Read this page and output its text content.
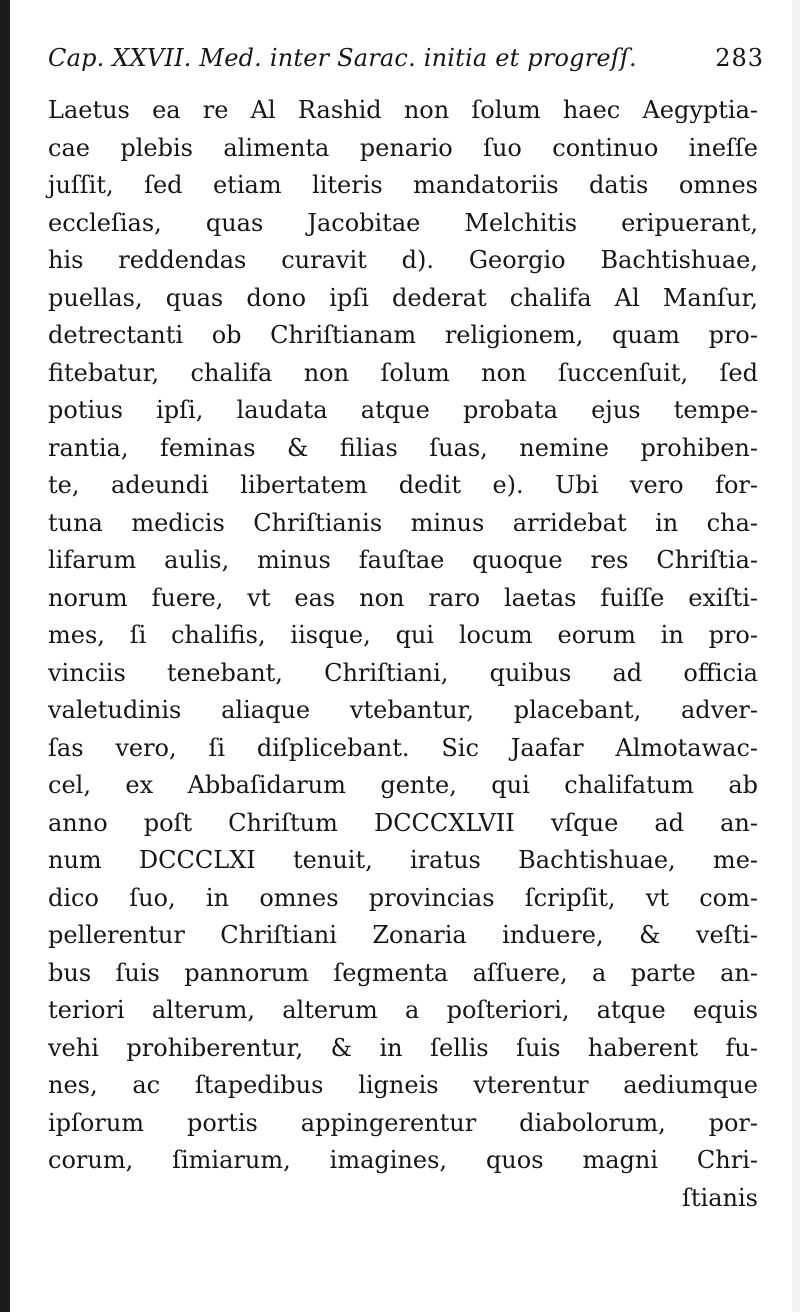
Cap. XXVII. Med. inter Sarac. initia et progreſſ.	283
Laetus ea re Al Rashid non ſolum haec Aegyptia-
cae plebis alimenta penario ſuo continuo ineſſe
juſſit, ſed etiam literis mandatoriis datis omnes
eccleſias, quas Jacobitae Melchitis eripuerant,
his reddendas curavit d). Georgio Bachtishuae,
puellas, quas dono ipſi dederat chalifa Al Manſur,
detrectanti ob Chriſtianam religionem, quam pro-
fitebatur, chalifa non ſolum non ſuccenſuit, ſed
potius ipſi, laudata atque probata ejus tempe-
rantia, feminas & filias ſuas, nemine prohiben-
te, adeundi libertatem dedit e). Ubi vero for-
tuna medicis Chriſtianis minus arridebat in cha-
lifarum aulis, minus fauſtae quoque res Chriſtia-
norum fuere, vt eas non raro laetas fuiſſe exiſti-
mes, ſi chalifis, iisque, qui locum eorum in pro-
vinciis tenebant, Chriſtiani, quibus ad officia
valetudinis aliaque vtebantur, placebant, adver-
ſas vero, ſi diſplicebant. Sic Jaafar Almotawac-
cel, ex Abbaſidarum gente, qui chalifatum ab
anno poſt Chriſtum DCCCXLVII vſque ad an-
num DCCCLXI tenuit, iratus Bachtishuae, me-
dico ſuo, in omnes provincias ſcripſit, vt com-
pellerentur Chriſtiani Zonaria induere, & veſti-
bus ſuis pannorum ſegmenta aſſuere, a parte an-
teriori alterum, alterum a poſteriori, atque equis
vehi prohiberentur, & in ſellis ſuis haberent fu-
nes, ac ſtapedibus ligneis vterentur aediumque
ipſorum portis appingerentur diabolorum, por-
corum, ſimiarum, imagines, quos magni Chri-
ſtianis
